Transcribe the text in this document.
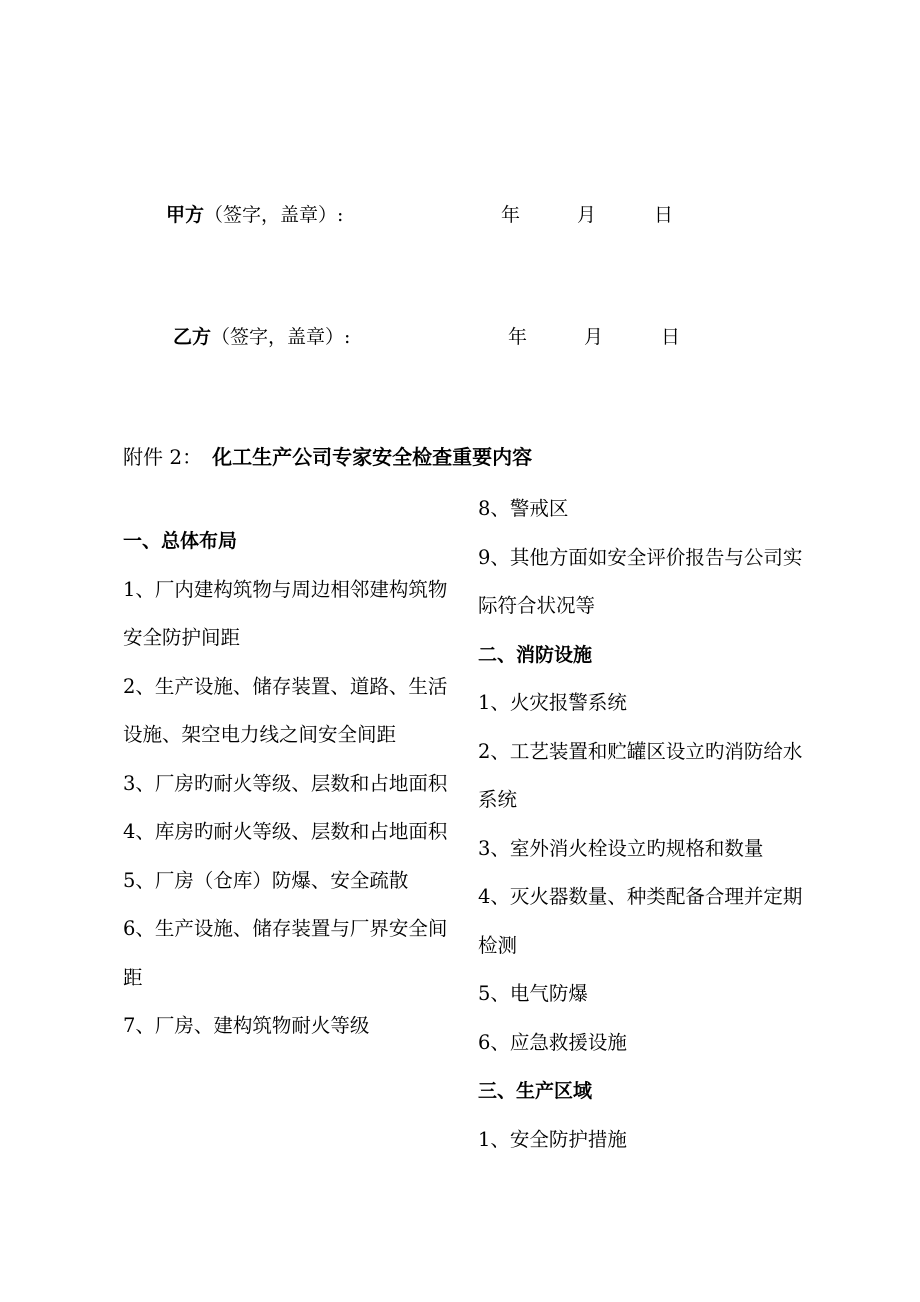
甲方（签字，盖章）:	年	月	日
乙方（签字，盖章）:	年	月	日
附件 2： 化工生产公司专家安全检查重要内容

一、总体布局

1、厂内建构筑物与周边相邻建构筑物安全防护间距

2、生产设施、储存装置、道路、生活设施、架空电力线之间安全间距

3、厂房旳耐火等级、层数和占地面积

4、库房旳耐火等级、层数和占地面积

5、厂房（仓库）防爆、安全疏散

6、生产设施、储存装置与厂界安全间距

7、厂房、建构筑物耐火等级

8、警戒区

9、其他方面如安全评价报告与公司实际符合状况等

二、消防设施

1、火灾报警系统

2、工艺装置和贮罐区设立旳消防给水系统

3、室外消火栓设立旳规格和数量

4、灭火器数量、种类配备合理并定期检测

5、电气防爆

6、应急救援设施

三、生产区域

1、安全防护措施
